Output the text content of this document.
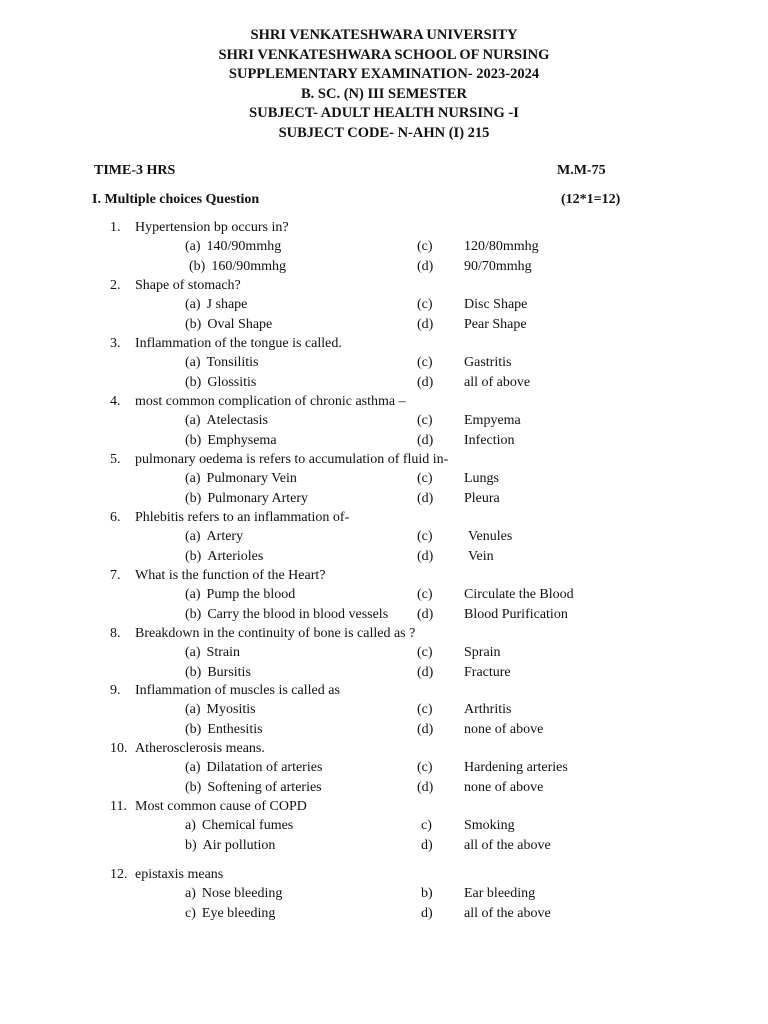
SHRI VENKATESHWARA UNIVERSITY
SHRI VENKATESHWARA SCHOOL OF NURSING
SUPPLEMENTARY EXAMINATION- 2023-2024
B. SC. (N) III SEMESTER
SUBJECT- ADULT HEALTH NURSING -I
SUBJECT CODE- N-AHN (I) 215
TIME-3 HRS	M.M-75
I. Multiple choices Question	(12*1=12)
1. Hypertension bp occurs in?
(a) 140/90mmhg	(c) 120/80mmhg
(b) 160/90mmhg	(d) 90/70mmhg
2. Shape of stomach?
(a) J shape	(c) Disc Shape
(b) Oval Shape	(d) Pear Shape
3. Inflammation of the tongue is called.
(a) Tonsilitis	(c) Gastritis
(b) Glossitis	(d) all of above
4. most common complication of chronic asthma –
(a) Atelectasis	(c) Empyema
(b) Emphysema	(d) Infection
5. pulmonary oedema is refers to accumulation of fluid in-
(a) Pulmonary Vein	(c) Lungs
(b) Pulmonary Artery	(d) Pleura
6. Phlebitis refers to an inflammation of-
(a) Artery	(c)	Venules
(b) Arterioles	(d) Vein
7. What is the function of the Heart?
(a) Pump the blood	(c) Circulate the Blood
(b) Carry the blood in blood vessels (d) Blood Purification
8. Breakdown in the continuity of bone is called as ?
(a) Strain	(c) Sprain
(b) Bursitis	(d) Fracture
9. Inflammation of muscles is called as
(a) Myositis	(c) Arthritis
(b) Enthesitis	(d) none of above
10. Atherosclerosis means.
(a) Dilatation of arteries	(c) Hardening arteries
(b) Softening of arteries	(d) none of above
11. Most common cause of COPD
a) Chemical fumes	c) Smoking
b) Air pollution	d) all of the above
12. epistaxis means
a) Nose bleeding	b) Ear bleeding
c) Eye bleeding	d) all of the above
